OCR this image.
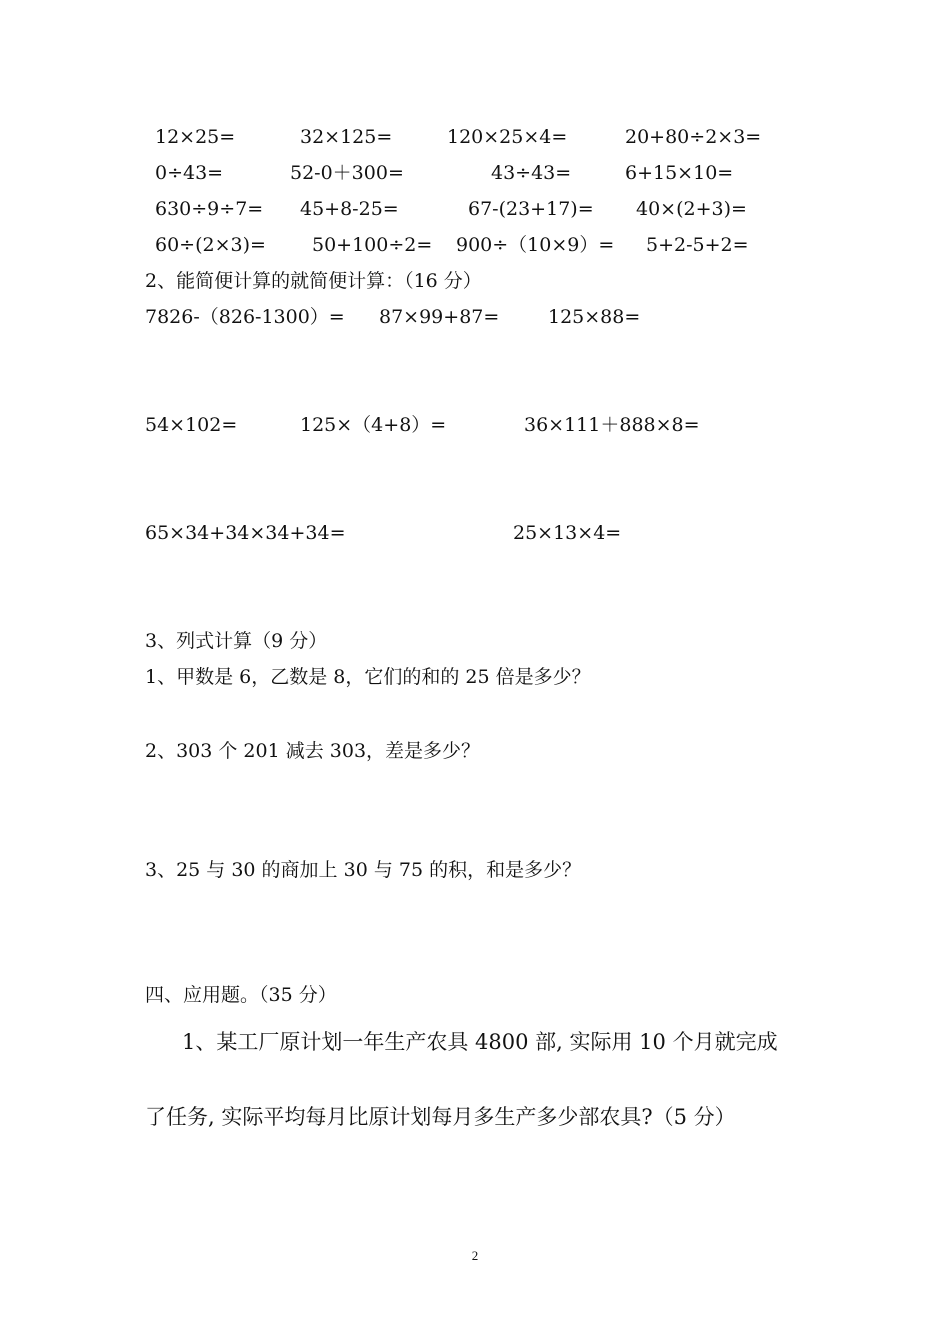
12×25=	32×125=	120×25×4=	20+80÷2×3=
0÷43=	52-0＋300=	43÷43=	6+15×10=
630÷9÷7= 45+8-25=	67-(23+17)= 40×(2+3)=
60÷(2×3)= 50+100÷2= 900÷（10×9）= 5+2-5+2=
2、能简便计算的就简便计算：（16 分）
7826-（826-1300）= 87×99+87=	125×88=
54×102=	125×（4+8）=	36×111＋888×8=
65×34+34×34+34=	25×13×4=
3、列式计算（9 分）
1、甲数是 6，乙数是 8，它们的和的 25 倍是多少？
2、303 个 201 减去 303，差是多少？
3、25 与 30 的商加上 30 与 75 的积，和是多少？
四、应用题。（35 分）
1、某工厂原计划一年生产农具 4800 部, 实际用 10 个月就完成
了任务, 实际平均每月比原计划每月多生产多少部农具?（5 分）
2
